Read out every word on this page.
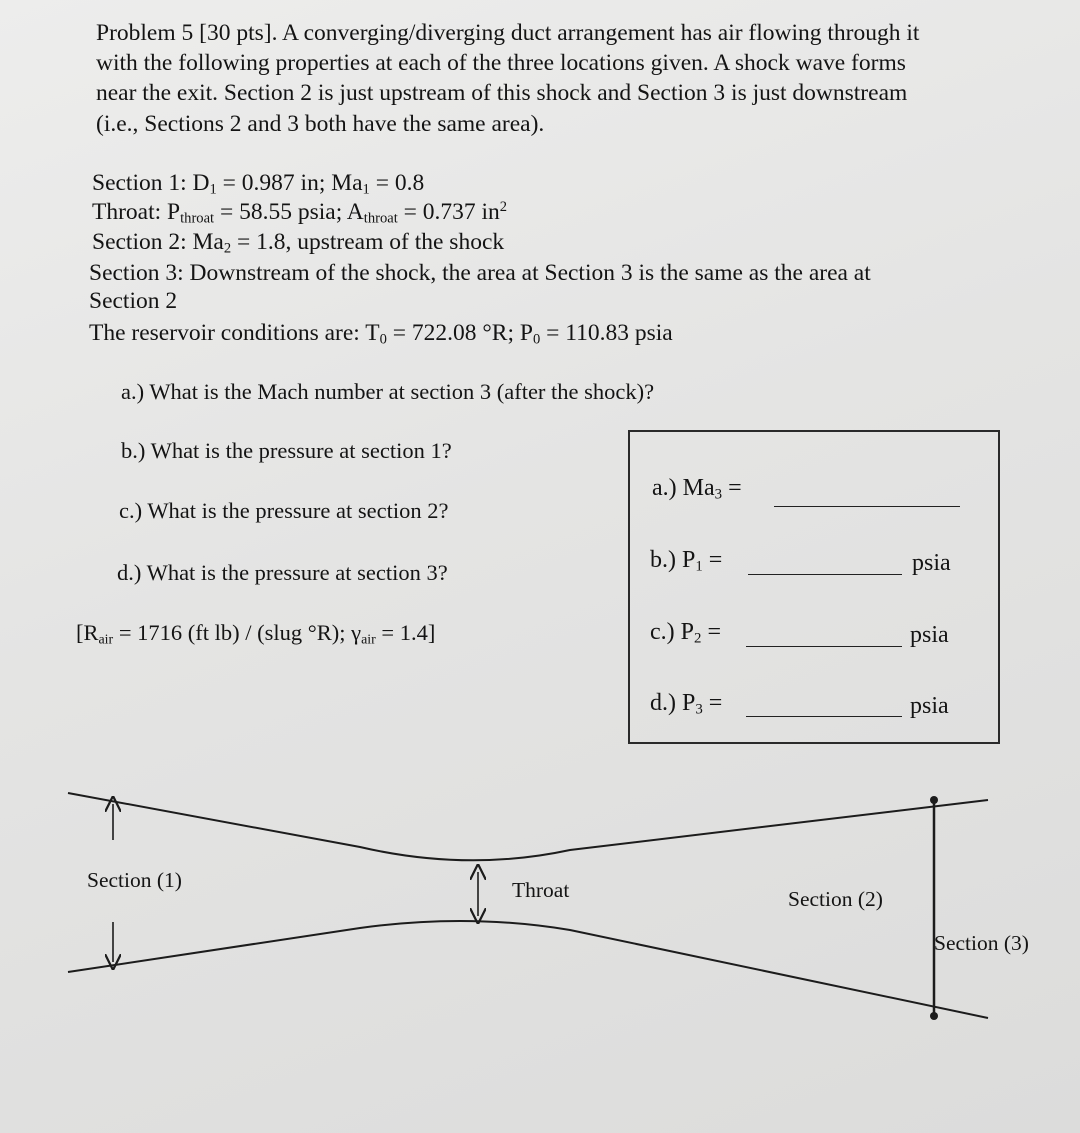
Problem 5 [30 pts]. A converging/diverging duct arrangement has air flowing through it
with the following properties at each of the three locations given. A shock wave forms
near the exit. Section 2 is just upstream of this shock and Section 3 is just downstream
(i.e., Sections 2 and 3 both have the same area).
Section 1: $D_1 = 0.987$ in; $Ma_1 = 0.8$
Throat: $P_{throat} = 58.55$ psia; $A_{throat} = 0.737$ $in^2$
Section 2: $Ma_2 = 1.8$, upstream of the shock
Section 3: Downstream of the shock, the area at Section 3 is the same as the area at
Section 2
The reservoir conditions are: $T_0 = 722.08$ °R; $P_0 = 110.83$ psia
a.) What is the Mach number at section 3 (after the shock)?
b.) What is the pressure at section 1?
c.) What is the pressure at section 2?
d.) What is the pressure at section 3?
[$R_{air} = 1716$ (ft lb) / (slug °R); $\gamma_{air} = 1.4$]
a.) $Ma_3$ =
b.) $P_1$ =	psia
c.) $P_2$ =	psia
d.) $P_3$ =	psia
Section (1)	Throat	Section (2)
Section (3)
